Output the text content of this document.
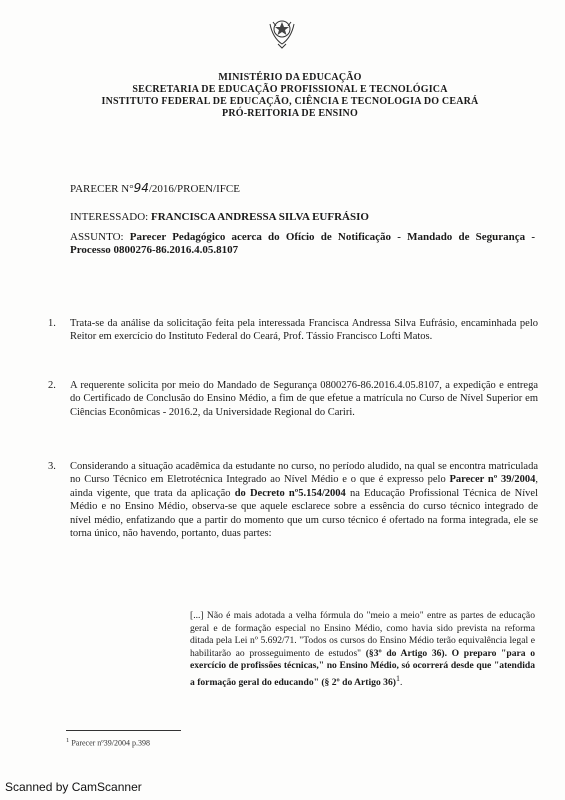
MINISTÉRIO DA EDUCAÇÃO
SECRETARIA DE EDUCAÇÃO PROFISSIONAL E TECNOLÓGICA
INSTITUTO FEDERAL DE EDUCAÇÃO, CIÊNCIA E TECNOLOGIA DO CEARÁ
PRÓ-REITORIA DE ENSINO
PARECER N°94/2016/PROEN/IFCE
INTERESSADO: FRANCISCA ANDRESSA SILVA EUFRÁSIO
ASSUNTO: Parecer Pedagógico acerca do Ofício de Notificação - Mandado de Segurança - Processo 0800276-86.2016.4.05.8107
1.	Trata-se da análise da solicitação feita pela interessada Francisca Andressa Silva Eufrásio, encaminhada pelo Reitor em exercício do Instituto Federal do Ceará, Prof. Tássio Francisco Lofti Matos.
2.	A requerente solicita por meio do Mandado de Segurança 0800276-86.2016.4.05.8107, a expedição e entrega do Certificado de Conclusão do Ensino Médio, a fim de que efetue a matrícula no Curso de Nível Superior em Ciências Econômicas - 2016.2, da Universidade Regional do Cariri.
3.	Considerando a situação acadêmica da estudante no curso, no período aludido, na qual se encontra matriculada no Curso Técnico em Eletrotécnica Integrado ao Nível Médio e o que é expresso pelo Parecer nº 39/2004, ainda vigente, que trata da aplicação do Decreto nº5.154/2004 na Educação Profissional Técnica de Nível Médio e no Ensino Médio, observa-se que aquele esclarece sobre a essência do curso técnico integrado de nível médio, enfatizando que a partir do momento que um curso técnico é ofertado na forma integrada, ele se torna único, não havendo, portanto, duas partes:
[...] Não é mais adotada a velha fórmula do "meio a meio" entre as partes de educação geral e de formação especial no Ensino Médio, como havia sido prevista na reforma ditada pela Lei nº 5.692/71. "Todos os cursos do Ensino Médio terão equivalência legal e habilitarão ao prosseguimento de estudos" (§3º do Artigo 36). O preparo "para o exercício de profissões técnicas," no Ensino Médio, só ocorrerá desde que "atendida a formação geral do educando" (§ 2º do Artigo 36)$^1$.
$^1$ Parecer nº39/2004 p.398
Scanned by CamScanner
